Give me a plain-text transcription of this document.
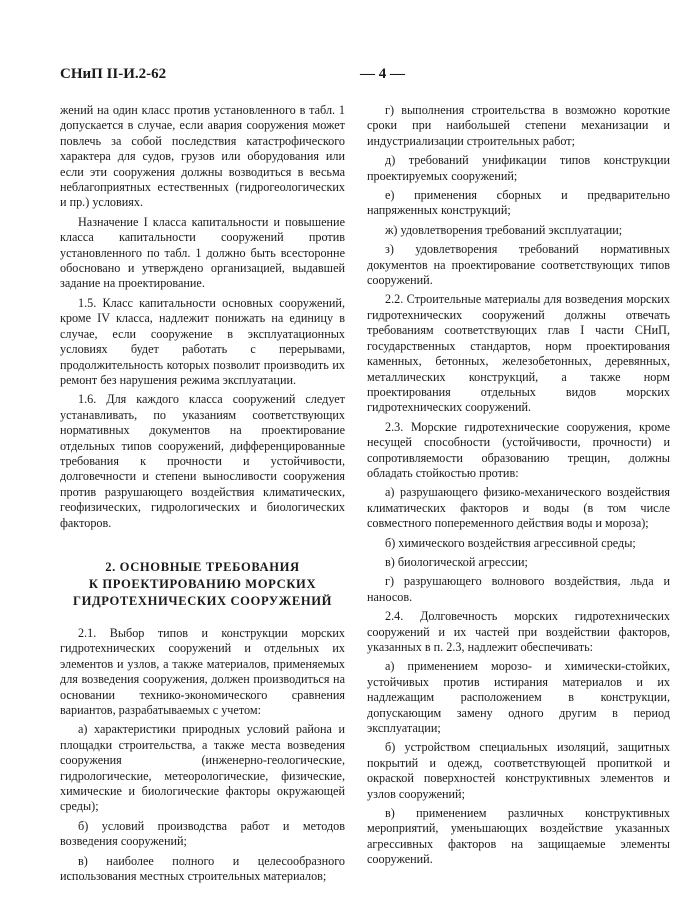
СНиП II-И.2-62	— 4 —

жений на один класс против установленного в табл. 1 допускается в случае, если авария сооружения может повлечь за собой последствия катастрофического характера для судов, грузов или оборудования или если эти сооружения должны возводиться в весьма неблагоприятных естественных (гидрогеологических и пр.) условиях.

Назначение I класса капитальности и повышение класса капитальности сооружений против установленного по табл. 1 должно быть всесторонне обосновано и утверждено организацией, выдавшей задание на проектирование.

1.5. Класс капитальности основных сооружений, кроме IV класса, надлежит понижать на единицу в случае, если сооружение в эксплуатационных условиях будет работать с перерывами, продолжительность которых позволит производить их ремонт без нарушения режима эксплуатации.

1.6. Для каждого класса сооружений следует устанавливать, по указаниям соответствующих нормативных документов на проектирование отдельных типов сооружений, дифференцированные требования к прочности и устойчивости, долговечности и степени выносливости сооружения против разрушающего воздействия климатических, геофизических, гидрологических и биологических факторов.

2. ОСНОВНЫЕ ТРЕБОВАНИЯ
К ПРОЕКТИРОВАНИЮ МОРСКИХ
ГИДРОТЕХНИЧЕСКИХ СООРУЖЕНИЙ

2.1. Выбор типов и конструкции морских гидротехнических сооружений и отдельных их элементов и узлов, а также материалов, применяемых для возведения сооружения, должен производиться на основании технико-экономического сравнения вариантов, разрабатываемых с учетом:

а) характеристики природных условий района и площадки строительства, а также места возведения сооружения (инженерно-геологические, гидрологические, метеорологические, физические, химические и биологические факторы окружающей среды);

б) условий производства работ и методов возведения сооружений;

в) наиболее полного и целесообразного использования местных строительных материалов;

г) выполнения строительства в возможно короткие сроки при наибольшей степени механизации и индустриализации строительных работ;

д) требований унификации типов конструкции проектируемых сооружений;

е) применения сборных и предварительно напряженных конструкций;

ж) удовлетворения требований эксплуатации;

з) удовлетворения требований нормативных документов на проектирование соответствующих типов сооружений.

2.2. Строительные материалы для возведения морских гидротехнических сооружений должны отвечать требованиям соответствующих глав I части СНиП, государственных стандартов, норм проектирования каменных, бетонных, железобетонных, деревянных, металлических конструкций, а также норм проектирования отдельных видов морских гидротехнических сооружений.

2.3. Морские гидротехнические сооружения, кроме несущей способности (устойчивости, прочности) и сопротивляемости образованию трещин, должны обладать стойкостью против:

а) разрушающего физико-механического воздействия климатических факторов и воды (в том числе совместного попеременного действия воды и мороза);

б) химического воздействия агрессивной среды;

в) биологической агрессии;

г) разрушающего волнового воздействия, льда и наносов.

2.4. Долговечность морских гидротехнических сооружений и их частей при воздействии факторов, указанных в п. 2.3, надлежит обеспечивать:

а) применением морозо- и химически-стойких, устойчивых против истирания материалов и их надлежащим расположением в конструкции, допускающим замену одного другим в период эксплуатации;

б) устройством специальных изоляций, защитных покрытий и одежд, соответствующей пропиткой и окраской поверхностей конструктивных элементов и узлов сооружений;

в) применением различных конструктивных мероприятий, уменьшающих воздействие указанных агрессивных факторов на защищаемые элементы сооружений.
